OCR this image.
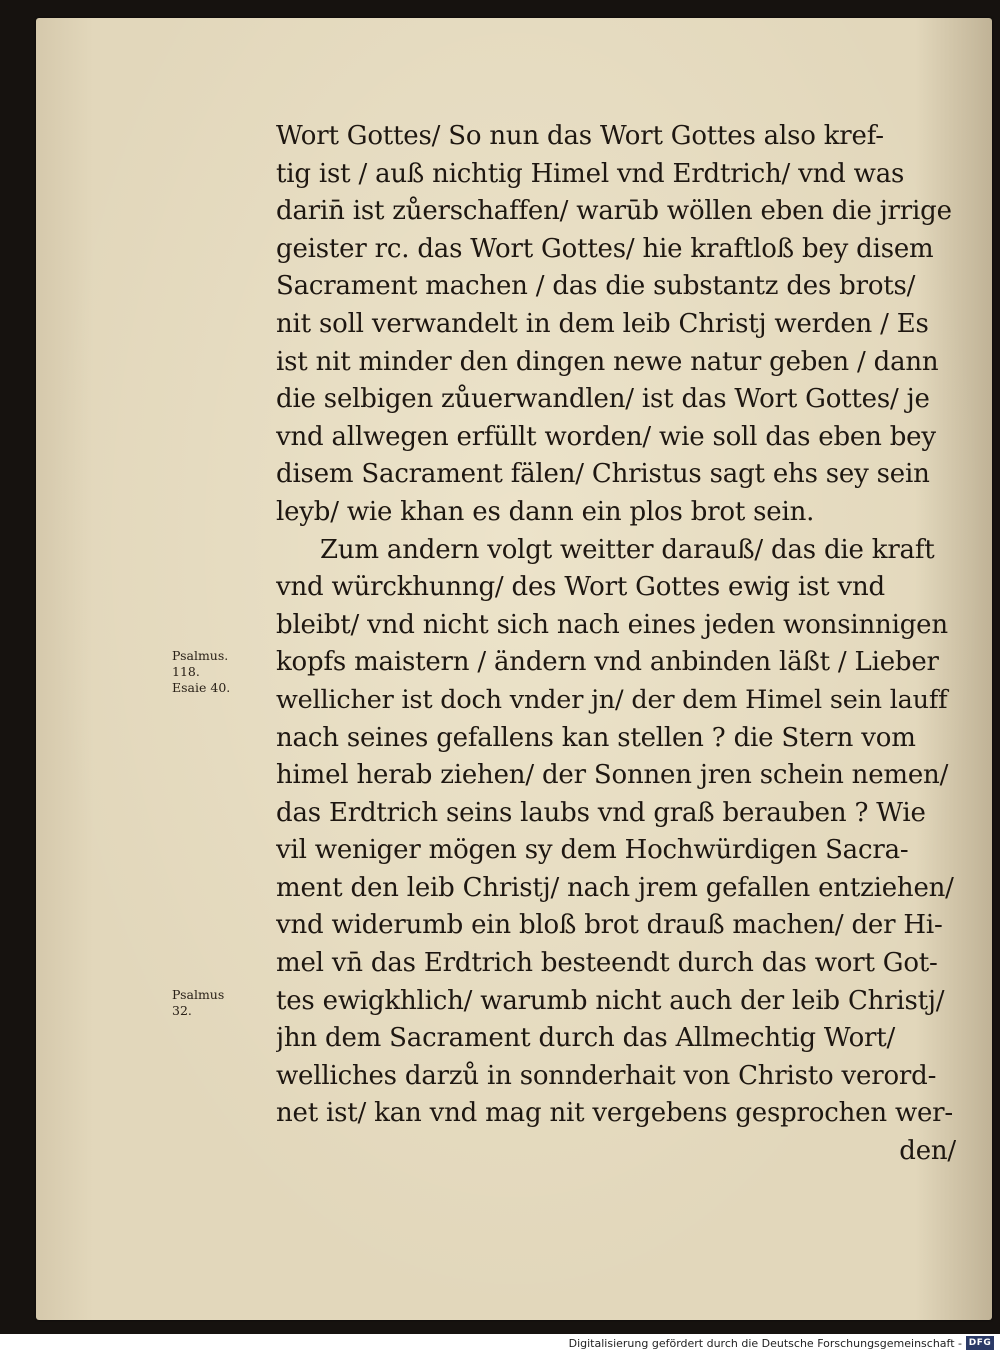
Wort Gottes/ So nun das Wort Gottes also kref-
tig ist / auß nichtig Himel vnd Erdtrich/ vnd was
darin̄ ist zůerschaffen/ warūb wöllen eben die jrrige
geister rc. das Wort Gottes/ hie kraftloß bey disem
Sacrament machen / das die substantz des brots/
nit soll verwandelt in dem leib Christj werden / Es
ist nit minder den dingen newe natur geben / dann
die selbigen zůuerwandlen/ ist das Wort Gottes/ je
vnd allwegen erfüllt worden/ wie soll das eben bey
disem Sacrament fälen/ Christus sagt ehs sey sein
leyb/ wie khan es dann ein plos brot sein.
Zum andern volgt weitter darauß/ das die kraft
vnd würckhunng/ des Wort Gottes ewig ist vnd
bleibt/ vnd nicht sich nach eines jeden wonsinnigen
kopfs maistern / ändern vnd anbinden läßt / Lieber
wellicher ist doch vnder jn/ der dem Himel sein lauff
nach seines gefallens kan stellen ? die Stern vom
himel herab ziehen/ der Sonnen jren schein nemen/
das Erdtrich seins laubs vnd graß berauben ? Wie
vil weniger mögen sy dem Hochwürdigen Sacra-
ment den leib Christj/ nach jrem gefallen entziehen/
vnd widerumb ein bloß brot drauß machen/ der Hi-
mel vn̄ das Erdtrich besteendt durch das wort Got-
tes ewigkhlich/ warumb nicht auch der leib Christj/
jhn dem Sacrament durch das Allmechtig Wort/
welliches darzů in sonnderhait von Christo verord-
net ist/ kan vnd mag nit vergebens gesprochen wer-
den/
Psalmus.
118.
Esaie 40.
Psalmus
32.
Digitalisierung gefördert durch die Deutsche Forschungsgemeinschaft - DFG
